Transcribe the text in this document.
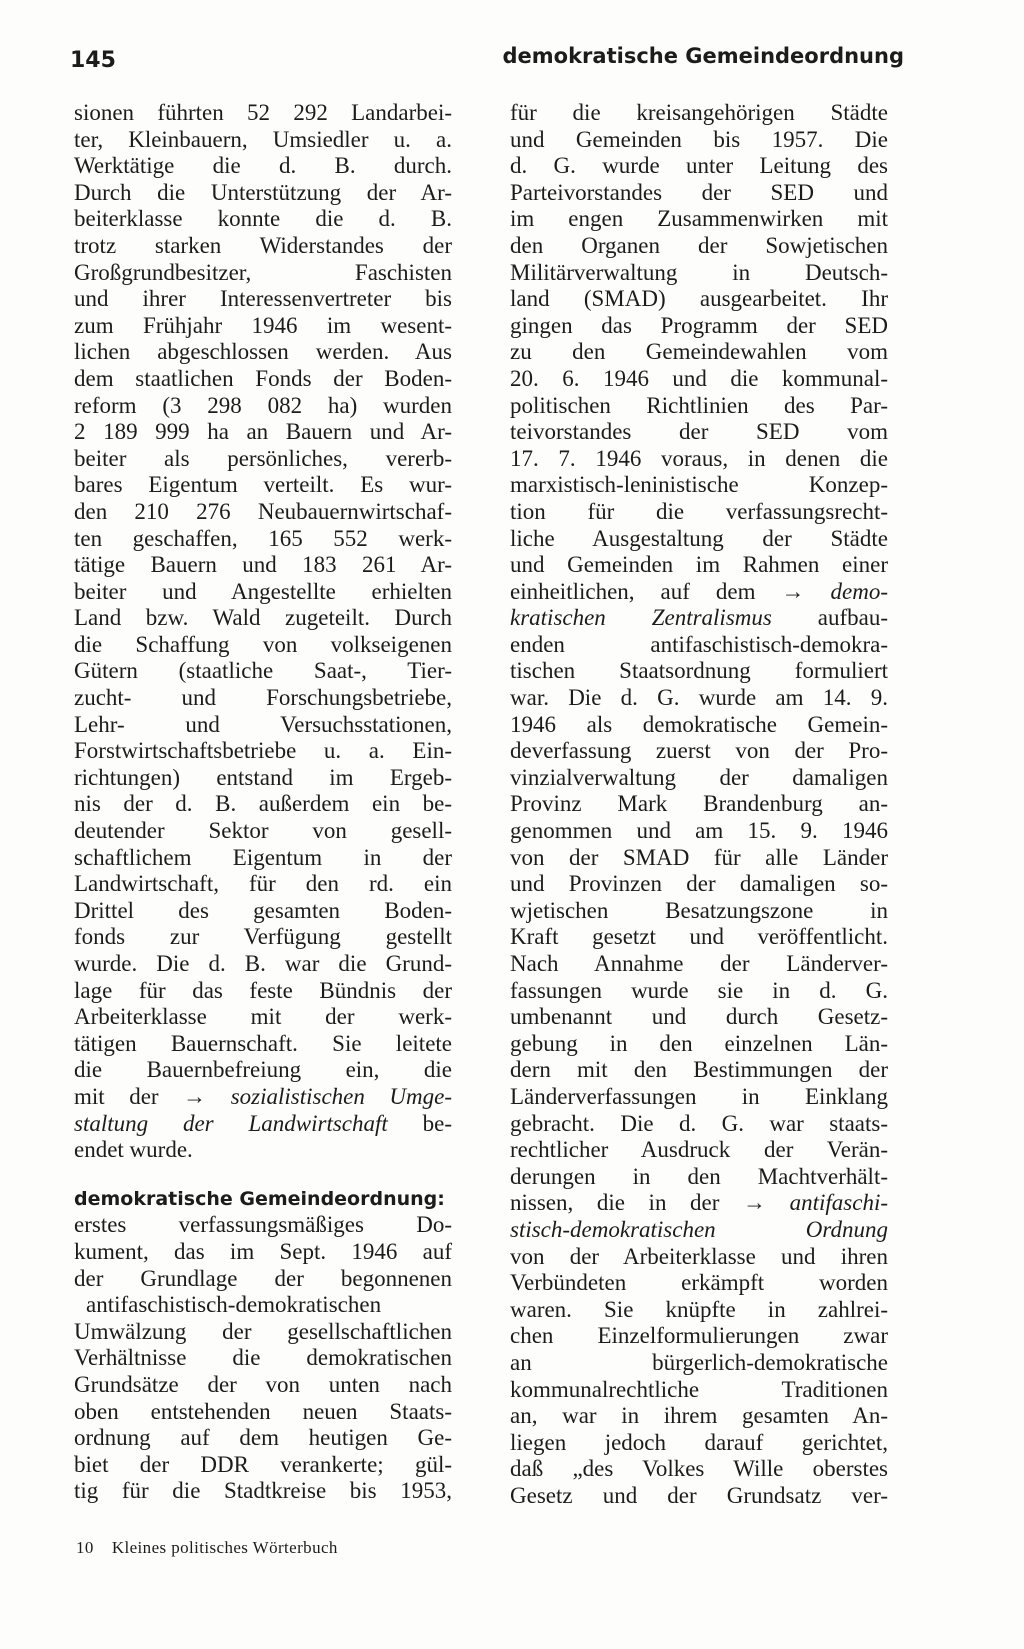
145	demokratische Gemeindeordnung
sionen führten 52 292 Landarbei-
ter, Kleinbauern, Umsiedler u. a.
Werktätige die d. B. durch.
Durch die Unterstützung der Ar-
beiterklasse konnte die d. B.
trotz starken Widerstandes der
Großgrundbesitzer, Faschisten
und ihrer Interessenvertreter bis
zum Frühjahr 1946 im wesent-
lichen abgeschlossen werden. Aus
dem staatlichen Fonds der Boden-
reform (3 298 082 ha) wurden
2 189 999 ha an Bauern und Ar-
beiter als persönliches, vererb-
bares Eigentum verteilt. Es wur-
den 210 276 Neubauernwirtschaf-
ten geschaffen, 165 552 werk-
tätige Bauern und 183 261 Ar-
beiter und Angestellte erhielten
Land bzw. Wald zugeteilt. Durch
die Schaffung von volkseigenen
Gütern (staatliche Saat-, Tier-
zucht- und Forschungsbetriebe,
Lehr- und Versuchsstationen,
Forstwirtschaftsbetriebe u. a. Ein-
richtungen) entstand im Ergeb-
nis der d. B. außerdem ein be-
deutender Sektor von gesell-
schaftlichem Eigentum in der
Landwirtschaft, für den rd. ein
Drittel des gesamten Boden-
fonds zur Verfügung gestellt
wurde. Die d. B. war die Grund-
lage für das feste Bündnis der
Arbeiterklasse mit der werk-
tätigen Bauernschaft. Sie leitete
die Bauernbefreiung ein, die
mit der → sozialistischen Umge-
staltung der Landwirtschaft be-
endet wurde.
demokratische Gemeindeordnung:
erstes verfassungsmäßiges Do-
kument, das im Sept. 1946 auf
der Grundlage der begonnenen
antifaschistisch-demokratischen
Umwälzung der gesellschaftlichen
Verhältnisse die demokratischen
Grundsätze der von unten nach
oben entstehenden neuen Staats-
ordnung auf dem heutigen Ge-
biet der DDR verankerte; gül-
tig für die Stadtkreise bis 1953,
für die kreisangehörigen Städte
und Gemeinden bis 1957. Die
d. G. wurde unter Leitung des
Parteivorstandes der SED und
im engen Zusammenwirken mit
den Organen der Sowjetischen
Militärverwaltung in Deutsch-
land (SMAD) ausgearbeitet. Ihr
gingen das Programm der SED
zu den Gemeindewahlen vom
20. 6. 1946 und die kommunal-
politischen Richtlinien des Par-
teivorstandes der SED vom
17. 7. 1946 voraus, in denen die
marxistisch-leninistische Konzep-
tion für die verfassungsrecht-
liche Ausgestaltung der Städte
und Gemeinden im Rahmen einer
einheitlichen, auf dem → demo-
kratischen Zentralismus aufbau-
enden antifaschistisch-demokra-
tischen Staatsordnung formuliert
war. Die d. G. wurde am 14. 9.
1946 als demokratische Gemein-
deverfassung zuerst von der Pro-
vinzialverwaltung der damaligen
Provinz Mark Brandenburg an-
genommen und am 15. 9. 1946
von der SMAD für alle Länder
und Provinzen der damaligen so-
wjetischen Besatzungszone in
Kraft gesetzt und veröffentlicht.
Nach Annahme der Länderver-
fassungen wurde sie in d. G.
umbenannt und durch Gesetz-
gebung in den einzelnen Län-
dern mit den Bestimmungen der
Länderverfassungen in Einklang
gebracht. Die d. G. war staats-
rechtlicher Ausdruck der Verän-
derungen in den Machtverhält-
nissen, die in der → antifaschi-
stisch-demokratischen Ordnung
von der Arbeiterklasse und ihren
Verbündeten erkämpft worden
waren. Sie knüpfte in zahlrei-
chen Einzelformulierungen zwar
an bürgerlich-demokratische
kommunalrechtliche Traditionen
an, war in ihrem gesamten An-
liegen jedoch darauf gerichtet,
daß „des Volkes Wille oberstes
Gesetz und der Grundsatz ver-
10 Kleines politisches Wörterbuch
